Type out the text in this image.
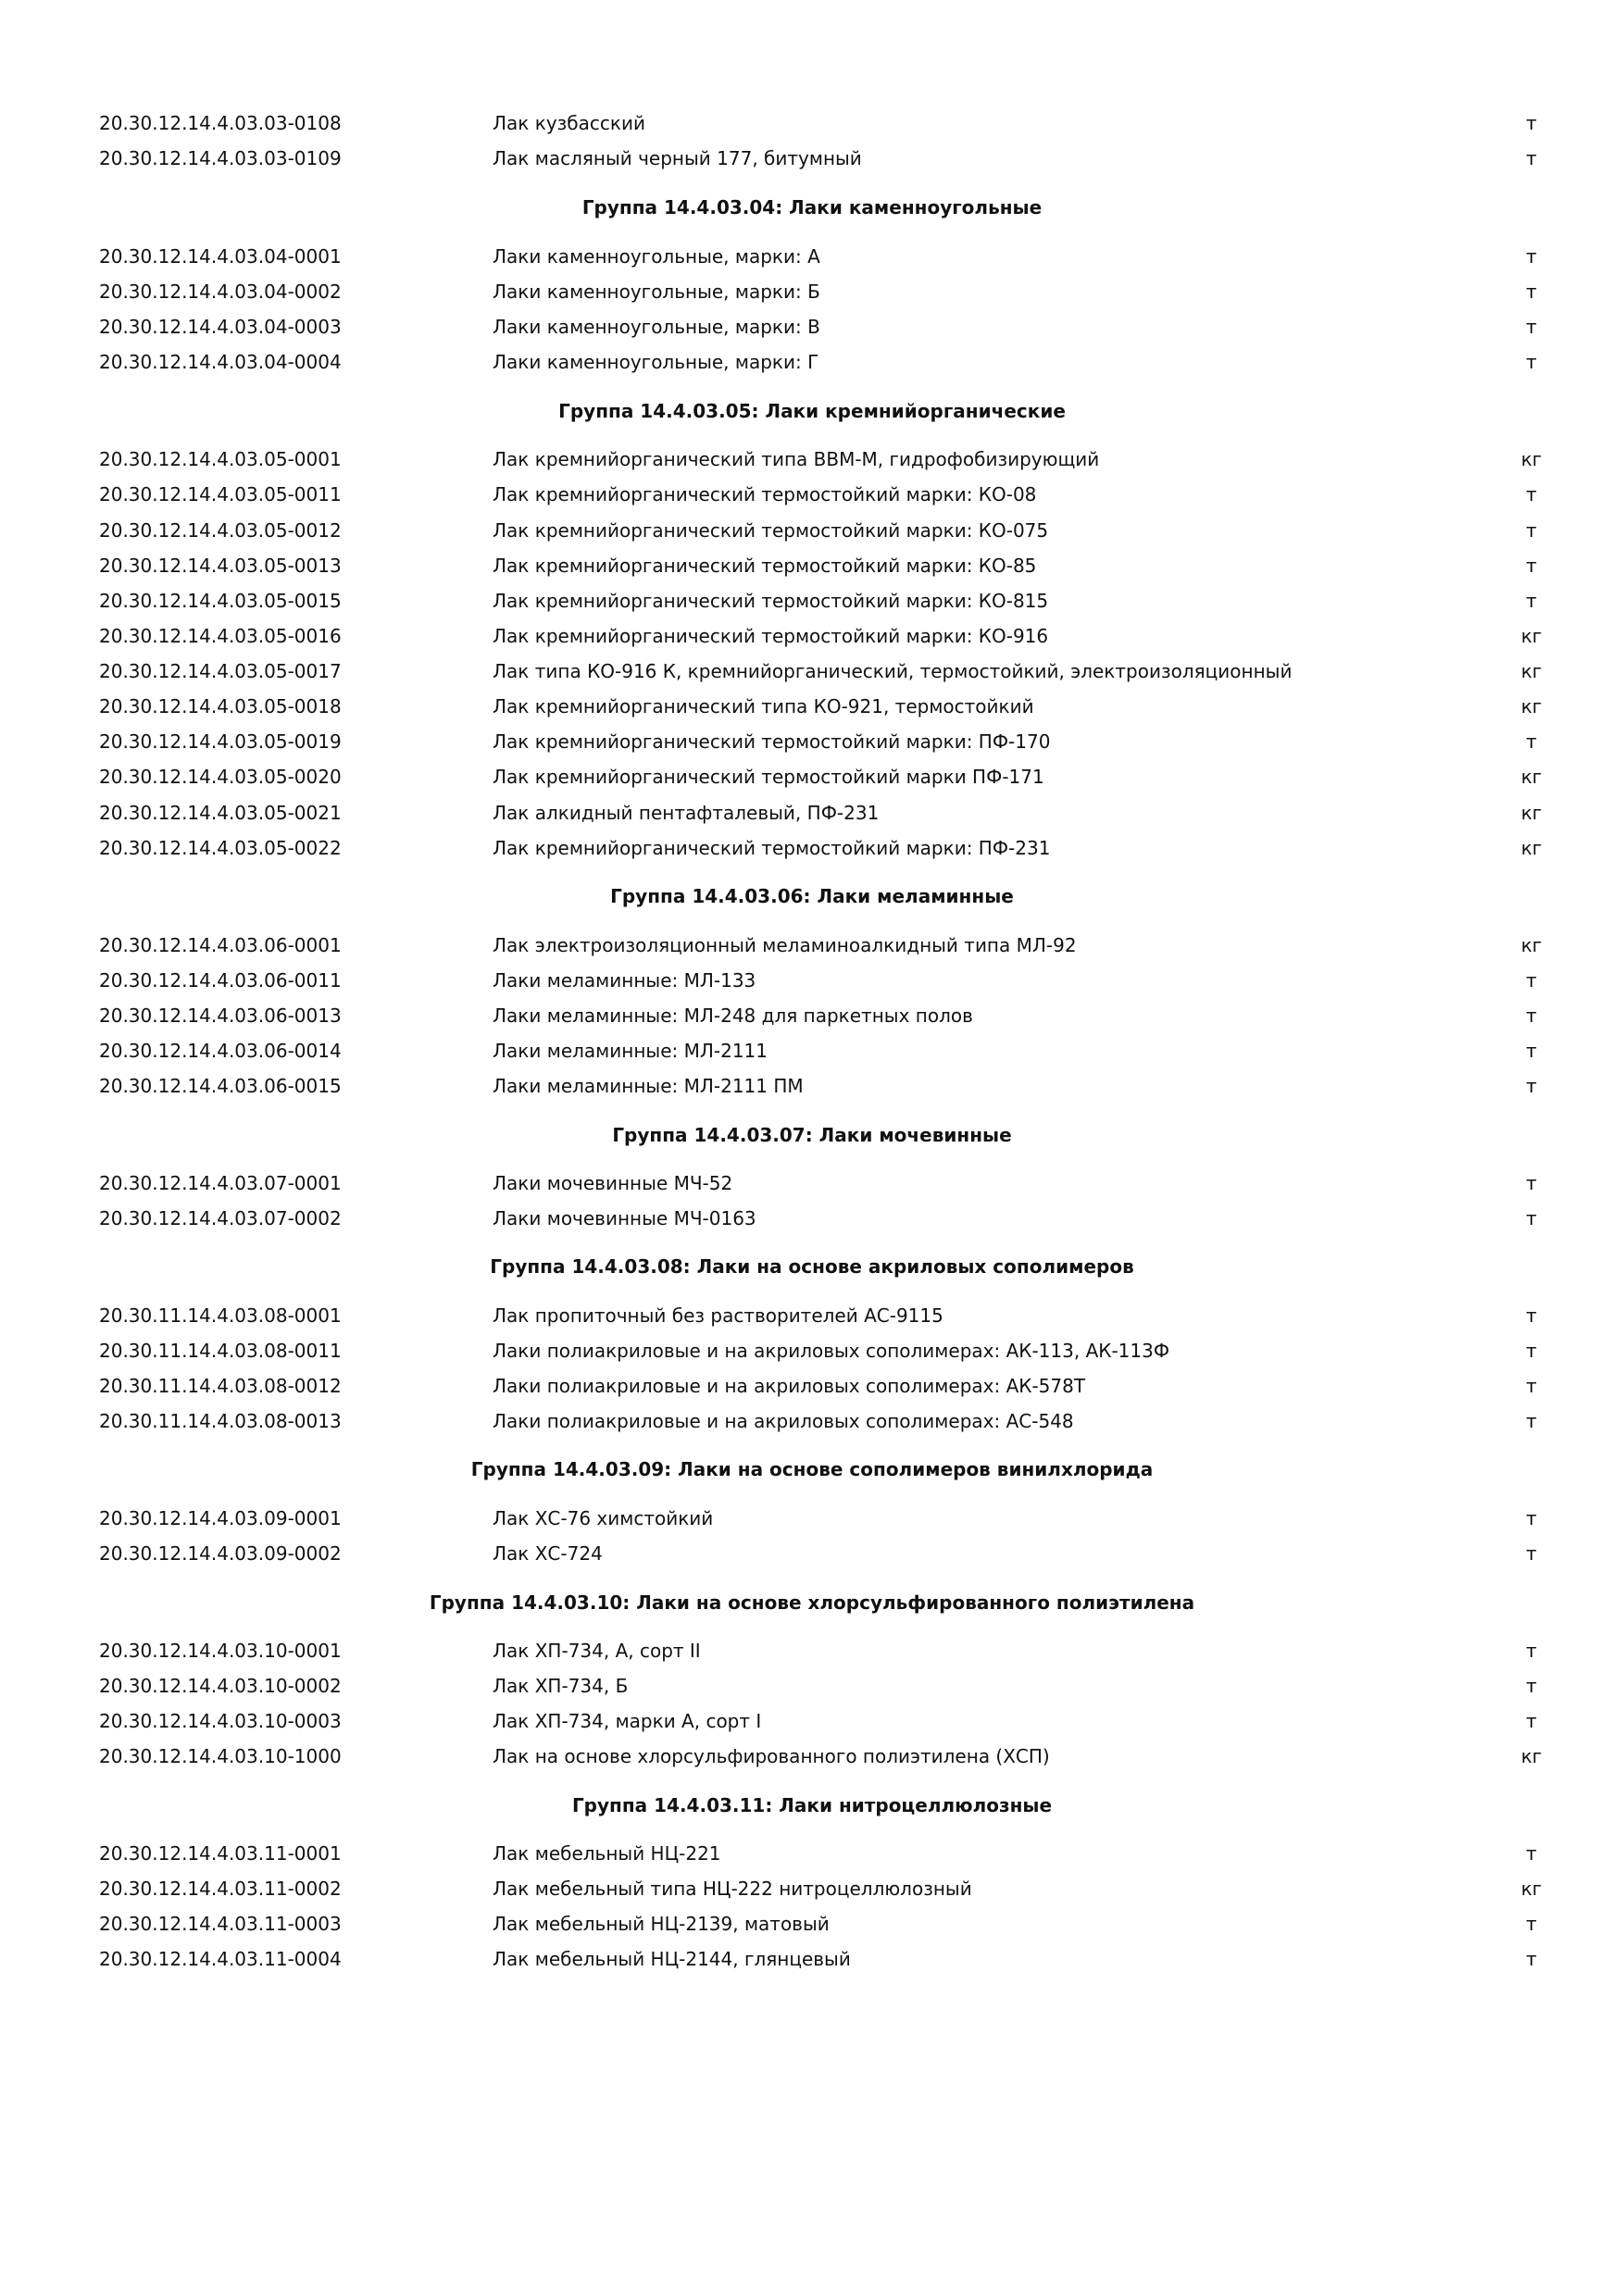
20.30.12.14.4.03.03-0108	Лак кузбасский	т
20.30.12.14.4.03.03-0109	Лак масляный черный 177, битумный	т
Группа 14.4.03.04: Лаки каменноугольные
20.30.12.14.4.03.04-0001	Лаки каменноугольные, марки: А	т
20.30.12.14.4.03.04-0002	Лаки каменноугольные, марки: Б	т
20.30.12.14.4.03.04-0003	Лаки каменноугольные, марки: В	т
20.30.12.14.4.03.04-0004	Лаки каменноугольные, марки: Г	т
Группа 14.4.03.05: Лаки кремнийорганические
20.30.12.14.4.03.05-0001	Лак кремнийорганический типа ВВМ-М, гидрофобизирующий	кг
20.30.12.14.4.03.05-0011	Лак кремнийорганический термостойкий марки: КО-08	т
20.30.12.14.4.03.05-0012	Лак кремнийорганический термостойкий марки: КО-075	т
20.30.12.14.4.03.05-0013	Лак кремнийорганический термостойкий марки: КО-85	т
20.30.12.14.4.03.05-0015	Лак кремнийорганический термостойкий марки: КО-815	т
20.30.12.14.4.03.05-0016	Лак кремнийорганический термостойкий марки: КО-916	кг
20.30.12.14.4.03.05-0017	Лак типа КО-916 К, кремнийорганический, термостойкий, электроизоляционный	кг
20.30.12.14.4.03.05-0018	Лак кремнийорганический типа КО-921, термостойкий	кг
20.30.12.14.4.03.05-0019	Лак кремнийорганический термостойкий марки: ПФ-170	т
20.30.12.14.4.03.05-0020	Лак кремнийорганический термостойкий марки ПФ-171	кг
20.30.12.14.4.03.05-0021	Лак алкидный пентафталевый, ПФ-231	кг
20.30.12.14.4.03.05-0022	Лак кремнийорганический термостойкий марки: ПФ-231	кг
Группа 14.4.03.06: Лаки меламинные
20.30.12.14.4.03.06-0001	Лак электроизоляционный меламиноалкидный типа МЛ-92	кг
20.30.12.14.4.03.06-0011	Лаки меламинные: МЛ-133	т
20.30.12.14.4.03.06-0013	Лаки меламинные: МЛ-248 для паркетных полов	т
20.30.12.14.4.03.06-0014	Лаки меламинные: МЛ-2111	т
20.30.12.14.4.03.06-0015	Лаки меламинные: МЛ-2111 ПМ	т
Группа 14.4.03.07: Лаки мочевинные
20.30.12.14.4.03.07-0001	Лаки мочевинные МЧ-52	т
20.30.12.14.4.03.07-0002	Лаки мочевинные МЧ-0163	т
Группа 14.4.03.08: Лаки на основе акриловых сополимеров
20.30.11.14.4.03.08-0001	Лак пропиточный без растворителей АС-9115	т
20.30.11.14.4.03.08-0011	Лаки полиакриловые и на акриловых сополимерах: АК-113, АК-113Ф	т
20.30.11.14.4.03.08-0012	Лаки полиакриловые и на акриловых сополимерах: АК-578Т	т
20.30.11.14.4.03.08-0013	Лаки полиакриловые и на акриловых сополимерах: АС-548	т
Группа 14.4.03.09: Лаки на основе сополимеров винилхлорида
20.30.12.14.4.03.09-0001	Лак ХС-76 химстойкий	т
20.30.12.14.4.03.09-0002	Лак ХС-724	т
Группа 14.4.03.10: Лаки на основе хлорсульфированного полиэтилена
20.30.12.14.4.03.10-0001	Лак ХП-734, А, сорт II	т
20.30.12.14.4.03.10-0002	Лак ХП-734, Б	т
20.30.12.14.4.03.10-0003	Лак ХП-734, марки А, сорт I	т
20.30.12.14.4.03.10-1000	Лак на основе хлорсульфированного полиэтилена (ХСП)	кг
Группа 14.4.03.11: Лаки нитроцеллюлозные
20.30.12.14.4.03.11-0001	Лак мебельный НЦ-221	т
20.30.12.14.4.03.11-0002	Лак мебельный типа НЦ-222 нитроцеллюлозный	кг
20.30.12.14.4.03.11-0003	Лак мебельный НЦ-2139, матовый	т
20.30.12.14.4.03.11-0004	Лак мебельный НЦ-2144, глянцевый	т
